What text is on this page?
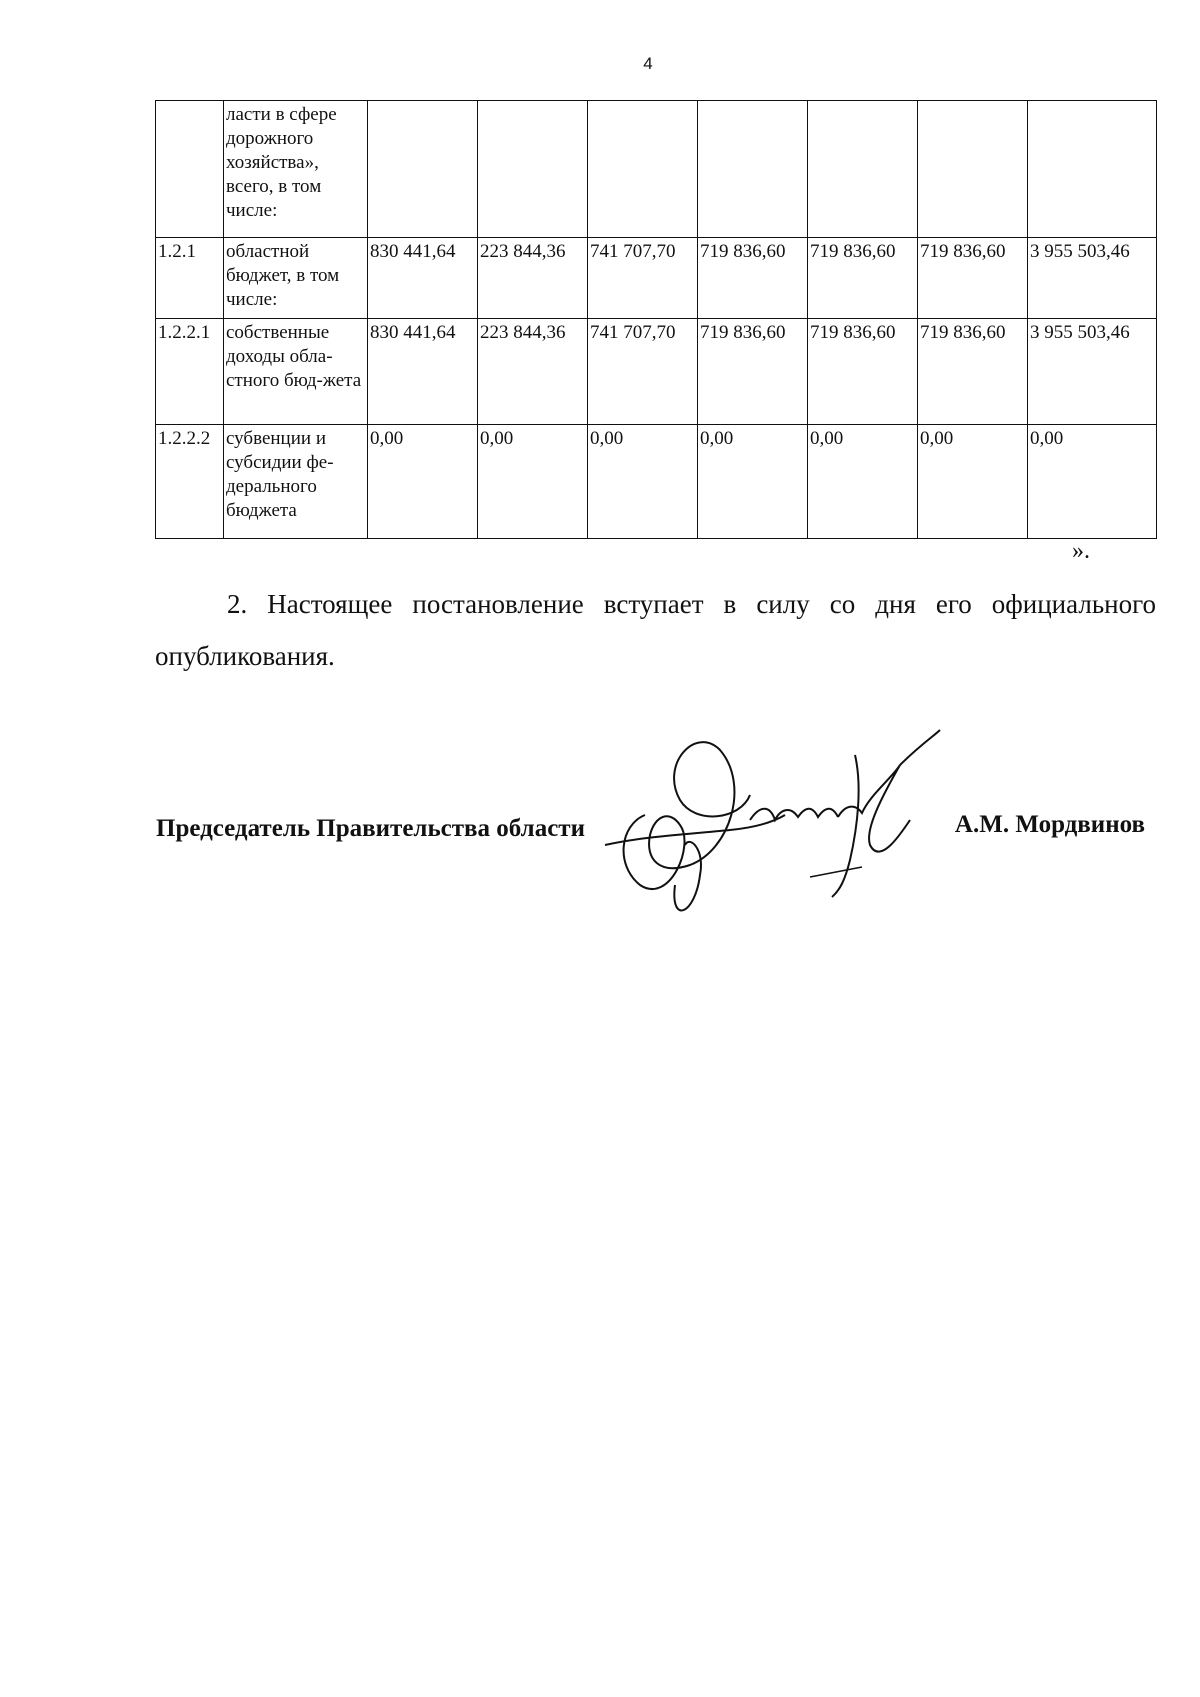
4
	ласти в сфере дорожного хозяйства», всего, в том числе:							
1.2.1	областной бюджет, в том числе:	830 441,64	223 844,36	741 707,70	719 836,60	719 836,60	719 836,60	3 955 503,46
1.2.2.1	собственные доходы обла-стного бюд-жета	830 441,64	223 844,36	741 707,70	719 836,60	719 836,60	719 836,60	3 955 503,46
1.2.2.2	субвенции и субсидии фе-дерального бюджета	0,00	0,00	0,00	0,00	0,00	0,00	0,00
».
2. Настоящее постановление вступает в силу со дня его официального опубликования.
Председатель Правительства области	А.М. Мордвинов
